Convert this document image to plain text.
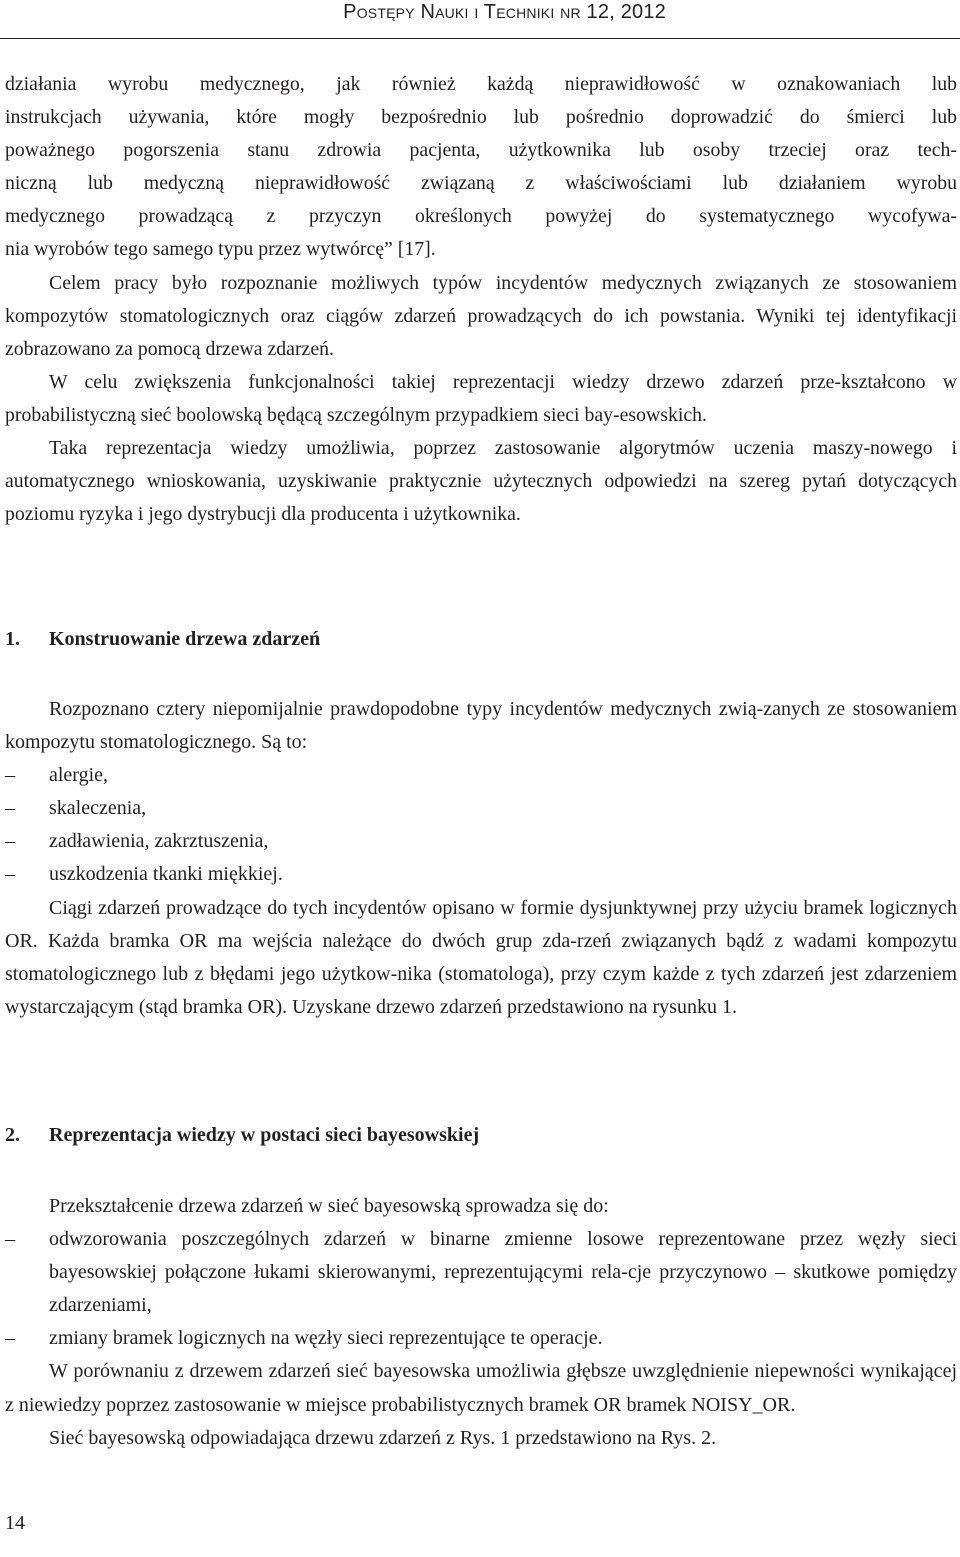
Postępy Nauki i Techniki nr 12, 2012

działania wyrobu medycznego, jak również każdą nieprawidłowość w oznakowaniach lub

instrukcjach używania, które mogły bezpośrednio lub pośrednio doprowadzić do śmierci lub

poważnego pogorszenia stanu zdrowia pacjenta, użytkownika lub osoby trzeciej oraz tech-

niczną lub medyczną nieprawidłowość związaną z właściwościami lub działaniem wyrobu

medycznego prowadzącą z przyczyn określonych powyżej do systematycznego wycofywa-

nia wyrobów tego samego typu przez wytwórcę” [17].

Celem pracy było rozpoznanie możliwych typów incydentów medycznych związanych ze stosowaniem kompozytów stomatologicznych oraz ciągów zdarzeń prowadzących do ich powstania. Wyniki tej identyfikacji zobrazowano za pomocą drzewa zdarzeń.

W celu zwiększenia funkcjonalności takiej reprezentacji wiedzy drzewo zdarzeń prze-kształcono w probabilistyczną sieć boolowską będącą szczególnym przypadkiem sieci bay-esowskich.

Taka reprezentacja wiedzy umożliwia, poprzez zastosowanie algorytmów uczenia maszy-nowego i automatycznego wnioskowania, uzyskiwanie praktycznie użytecznych odpowiedzi na szereg pytań dotyczących poziomu ryzyka i jego dystrybucji dla producenta i użytkownika.

1. Konstruowanie drzewa zdarzeń

Rozpoznano cztery niepomijalnie prawdopodobne typy incydentów medycznych zwią-zanych ze stosowaniem kompozytu stomatologicznego. Są to:

– alergie,

– skaleczenia,

– zadławienia, zakrztuszenia,

– uszkodzenia tkanki miękkiej.

Ciągi zdarzeń prowadzące do tych incydentów opisano w formie dysjunktywnej przy użyciu bramek logicznych OR. Każda bramka OR ma wejścia należące do dwóch grup zda-rzeń związanych bądź z wadami kompozytu stomatologicznego lub z błędami jego użytkow-nika (stomatologa), przy czym każde z tych zdarzeń jest zdarzeniem wystarczającym (stąd bramka OR). Uzyskane drzewo zdarzeń przedstawiono na rysunku 1.

2. Reprezentacja wiedzy w postaci sieci bayesowskiej

Przekształcenie drzewa zdarzeń w sieć bayesowską sprowadza się do:

– odwzorowania poszczególnych zdarzeń w binarne zmienne losowe reprezentowane przez węzły sieci bayesowskiej połączone łukami skierowanymi, reprezentującymi rela-cje przyczynowo – skutkowe pomiędzy zdarzeniami,

– zmiany bramek logicznych na węzły sieci reprezentujące te operacje.

W porównaniu z drzewem zdarzeń sieć bayesowska umożliwia głębsze uwzględnienie niepewności wynikającej z niewiedzy poprzez zastosowanie w miejsce probabilistycznych bramek OR bramek NOISY_OR.

Sieć bayesowską odpowiadająca drzewu zdarzeń z Rys. 1 przedstawiono na Rys. 2.

14
